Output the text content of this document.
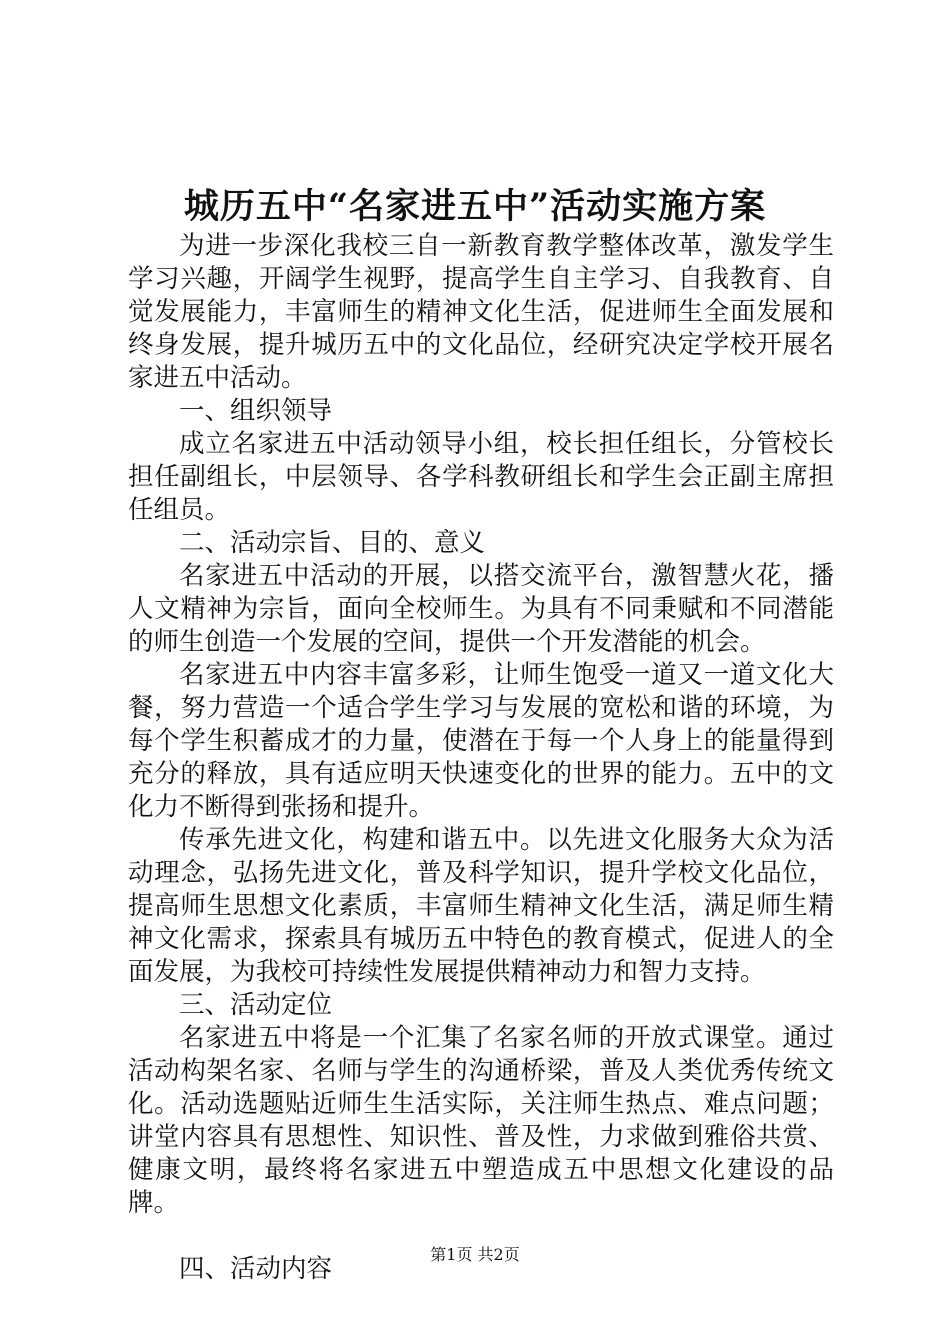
城历五中“名家进五中”活动实施方案

为进一步深化我校三自一新教育教学整体改革，激发学生学习兴趣，开阔学生视野，提高学生自主学习、自我教育、自觉发展能力，丰富师生的精神文化生活，促进师生全面发展和终身发展，提升城历五中的文化品位，经研究决定学校开展名家进五中活动。

一、组织领导

成立名家进五中活动领导小组，校长担任组长，分管校长担任副组长，中层领导、各学科教研组长和学生会正副主席担任组员。

二、活动宗旨、目的、意义

名家进五中活动的开展，以搭交流平台，激智慧火花，播人文精神为宗旨，面向全校师生。为具有不同秉赋和不同潜能的师生创造一个发展的空间，提供一个开发潜能的机会。

名家进五中内容丰富多彩，让师生饱受一道又一道文化大餐，努力营造一个适合学生学习与发展的宽松和谐的环境，为每个学生积蓄成才的力量，使潜在于每一个人身上的能量得到充分的释放，具有适应明天快速变化的世界的能力。五中的文化力不断得到张扬和提升。

传承先进文化，构建和谐五中。以先进文化服务大众为活动理念，弘扬先进文化，普及科学知识，提升学校文化品位，提高师生思想文化素质，丰富师生精神文化生活，满足师生精神文化需求，探索具有城历五中特色的教育模式，促进人的全面发展，为我校可持续性发展提供精神动力和智力支持。

三、活动定位

名家进五中将是一个汇集了名家名师的开放式课堂。通过活动构架名家、名师与学生的沟通桥梁，普及人类优秀传统文化。活动选题贴近师生生活实际，关注师生热点、难点问题；讲堂内容具有思想性、知识性、普及性，力求做到雅俗共赏、健康文明，最终将名家进五中塑造成五中思想文化建设的品牌。

四、活动内容	第1页 共2页
